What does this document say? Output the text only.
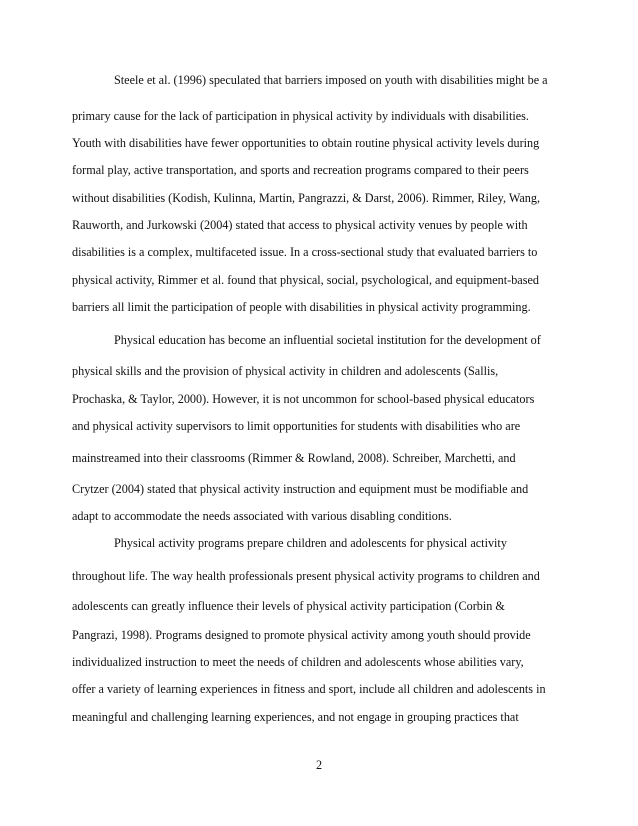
Steele et al. (1996) speculated that barriers imposed on youth with disabilities might be a

primary cause for the lack of participation in physical activity by individuals with disabilities.

Youth with disabilities have fewer opportunities to obtain routine physical activity levels during

formal play, active transportation, and sports and recreation programs compared to their peers

without disabilities (Kodish, Kulinna, Martin, Pangrazzi, & Darst, 2006). Rimmer, Riley, Wang,

Rauworth, and Jurkowski (2004) stated that access to physical activity venues by people with

disabilities is a complex, multifaceted issue. In a cross-sectional study that evaluated barriers to

physical activity, Rimmer et al. found that physical, social, psychological, and equipment-based

barriers all limit the participation of people with disabilities in physical activity programming.

Physical education has become an influential societal institution for the development of

physical skills and the provision of physical activity in children and adolescents (Sallis,

Prochaska, & Taylor, 2000). However, it is not uncommon for school-based physical educators

and physical activity supervisors to limit opportunities for students with disabilities who are

mainstreamed into their classrooms (Rimmer & Rowland, 2008). Schreiber, Marchetti, and

Crytzer (2004) stated that physical activity instruction and equipment must be modifiable and

adapt to accommodate the needs associated with various disabling conditions.

Physical activity programs prepare children and adolescents for physical activity

throughout life. The way health professionals present physical activity programs to children and

adolescents can greatly influence their levels of physical activity participation (Corbin &

Pangrazi, 1998). Programs designed to promote physical activity among youth should provide

individualized instruction to meet the needs of children and adolescents whose abilities vary,

offer a variety of learning experiences in fitness and sport, include all children and adolescents in

meaningful and challenging learning experiences, and not engage in grouping practices that

2
